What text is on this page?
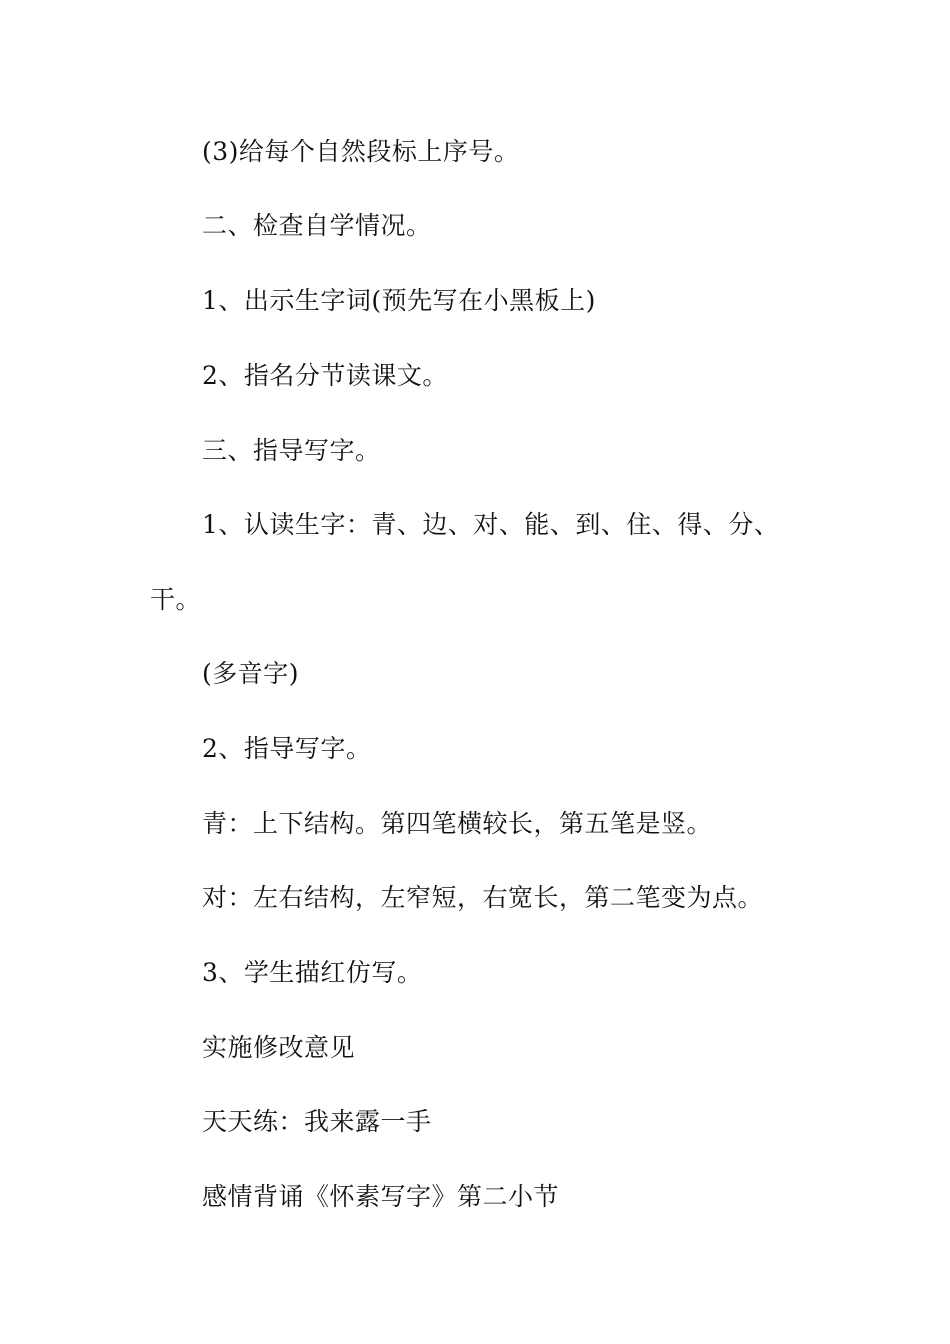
(3)给每个自然段标上序号。
二、检查自学情况。
1、出示生字词(预先写在小黑板上)
2、指名分节读课文。
三、指导写字。
1、认读生字：青、边、对、能、到、住、得、分、
干。
(多音字)
2、指导写字。
青：上下结构。第四笔横较长，第五笔是竖。
对：左右结构，左窄短，右宽长，第二笔变为点。
3、学生描红仿写。
实施修改意见
天天练：我来露一手
感情背诵《怀素写字》第二小节
